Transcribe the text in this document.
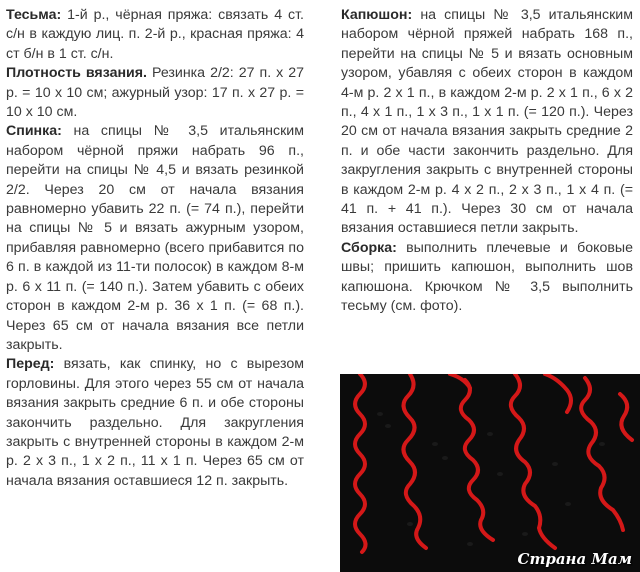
Тесьма: 1-й р., чёрная пряжа: связать 4 ст. с/н в каждую лиц. п. 2-й р., красная пряжа: 4 ст б/н в 1 ст. с/н.

Плотность вязания. Резинка 2/2: 27 п. х 27 р. = 10 х 10 см; ажурный узор: 17 п. х 27 р. = 10 х 10 см.

Спинка: на спицы № 3,5 итальянским набором чёрной пряжи набрать 96 п., перейти на спицы № 4,5 и вязать резинкой 2/2. Через 20 см от начала вязания равномерно убавить 22 п. (= 74 п.), перейти на спицы № 5 и вязать ажурным узором, прибавляя равномерно (всего прибавится по 6 п. в каждой из 11-ти полосок) в каждом 8-м р. 6 х 11 п. (= 140 п.). Затем убавить с обеих сторон в каждом 2-м р. 36 х 1 п. (= 68 п.). Через 65 см от начала вязания все петли закрыть.

Перед: вязать, как спинку, но с вырезом горловины. Для этого через 55 см от начала вязания закрыть средние 6 п. и обе стороны закончить раздельно. Для закругления закрыть с внутренней стороны в каждом 2-м р. 2 х 3 п., 1 х 2 п., 11 х 1 п. Через 65 см от начала вязания оставшиеся 12 п. закрыть.

Капюшон: на спицы № 3,5 итальянским набором чёрной пряжей набрать 168 п., перейти на спицы № 5 и вязать основным узором, убавляя с обеих сторон в каждом 4-м р. 2 х 1 п., в каждом 2-м р. 2 х 1 п., 6 х 2 п., 4 х 1 п., 1 х 3 п., 1 х 1 п. (= 120 п.). Через 20 см от начала вязания закрыть средние 2 п. и обе части закончить раздельно. Для закругления закрыть с внутренней стороны в каждом 2-м р. 4 х 2 п., 2 х 3 п., 1 х 4 п. (= 41 п. + 41 п.). Через 30 см от начала вязания оставшиеся петли закрыть.

Сборка: выполнить плечевые и боковые швы; пришить капюшон, выполнить шов капюшона. Крючком № 3,5 выполнить тесьму (см. фото).

Страна Мам
